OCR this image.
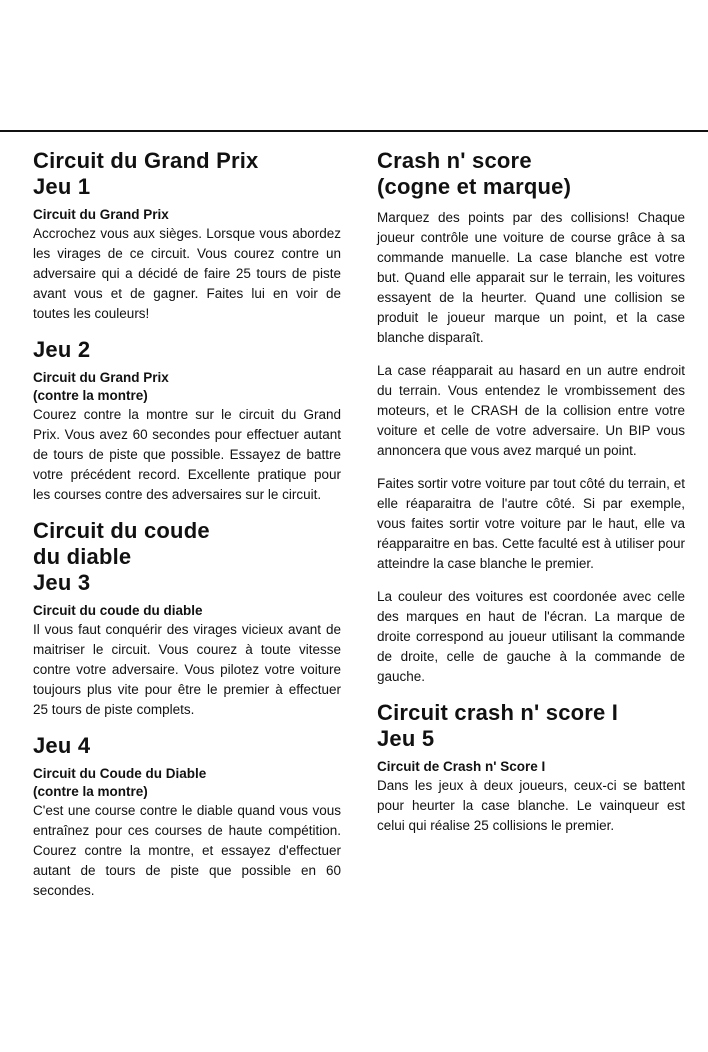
Circuit du Grand Prix
Jeu 1
Circuit du Grand Prix

Accrochez vous aux sièges. Lorsque vous abordez les virages de ce circuit. Vous courez contre un adversaire qui a décidé de faire 25 tours de piste avant vous et de gagner. Faites lui en voir de toutes les couleurs!

Jeu 2
Circuit du Grand Prix
(contre la montre)

Courez contre la montre sur le circuit du Grand Prix. Vous avez 60 secondes pour effectuer autant de tours de piste que possible. Essayez de battre votre précédent record. Excellente pratique pour les courses contre des adversaires sur le circuit.

Circuit du coude
du diable
Jeu 3
Circuit du coude du diable

Il vous faut conquérir des virages vicieux avant de maitriser le circuit. Vous courez à toute vitesse contre votre adversaire. Vous pilotez votre voiture toujours plus vite pour être le premier à effectuer 25 tours de piste complets.

Jeu 4
Circuit du Coude du Diable
(contre la montre)

C'est une course contre le diable quand vous vous entraînez pour ces courses de haute compétition. Courez contre la montre, et essayez d'effectuer autant de tours de piste que possible en 60 secondes.

Crash n' score
(cogne et marque)

Marquez des points par des collisions! Chaque joueur contrôle une voiture de course grâce à sa commande manuelle. La case blanche est votre but. Quand elle apparait sur le terrain, les voitures essayent de la heurter. Quand une collision se produit le joueur marque un point, et la case blanche disparaît.

La case réapparait au hasard en un autre endroit du terrain. Vous entendez le vrombissement des moteurs, et le CRASH de la collision entre votre voiture et celle de votre adversaire. Un BIP vous annoncera que vous avez marqué un point.

Faites sortir votre voiture par tout côté du terrain, et elle réaparaitra de l'autre côté. Si par exemple, vous faites sortir votre voiture par le haut, elle va réapparaitre en bas. Cette faculté est à utiliser pour atteindre la case blanche le premier.

La couleur des voitures est coordonée avec celle des marques en haut de l'écran. La marque de droite correspond au joueur utilisant la commande de droite, celle de gauche à la commande de gauche.

Circuit crash n' score I
Jeu 5
Circuit de Crash n' Score I

Dans les jeux à deux joueurs, ceux-ci se battent pour heurter la case blanche. Le vainqueur est celui qui réalise 25 collisions le premier.
